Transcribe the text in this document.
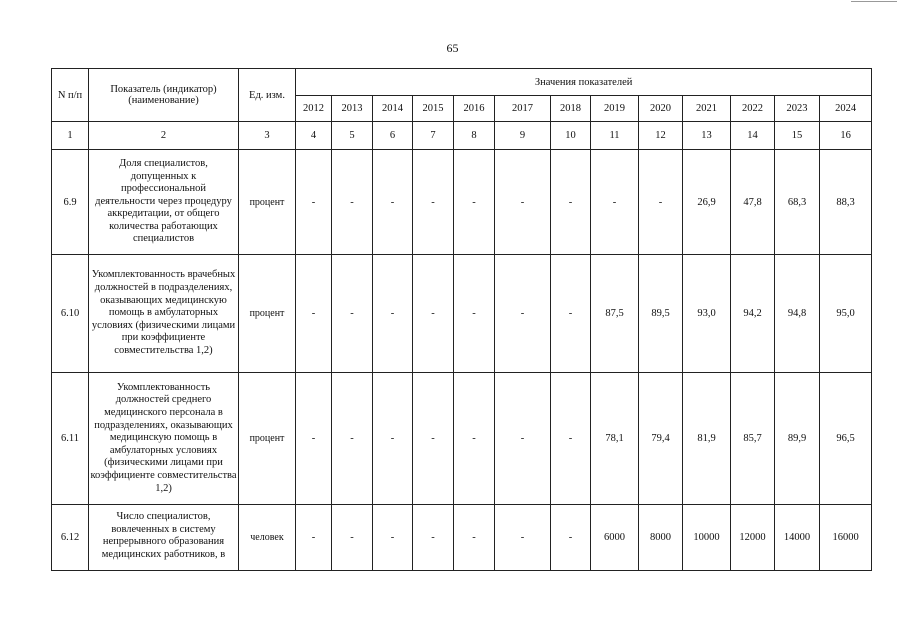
65
N п/п	Показатель (индикатор) (наименование)	Ед. изм.	Значения показателей												
			2012	2013	2014	2015	2016	2017	2018	2019	2020	2021	2022	2023	2024
1	2	3	4	5	6	7	8	9	10	11	12	13	14	15	16
6.9	Доля специалистов, допущенных к профессиональной деятельности через процедуру аккредитации, от общего количества работающих специалистов	процент	-	-	-	-	-	-	-	-	-	26,9	47,8	68,3	88,3
6.10	Укомплектованность врачебных должностей в подразделениях, оказывающих медицинскую помощь в амбулаторных условиях (физическими лицами при коэффициенте совместительства 1,2)	процент	-	-	-	-	-	-	-	87,5	89,5	93,0	94,2	94,8	95,0
6.11	Укомплектованность должностей среднего медицинского персонала в подразделениях, оказывающих медицинскую помощь в амбулаторных условиях (физическими лицами при коэффициенте совместительства 1,2)	процент	-	-	-	-	-	-	-	78,1	79,4	81,9	85,7	89,9	96,5
6.12	Число специалистов, вовлеченных в систему непрерывного образования медицинских работников, в	человек	-	-	-	-	-	-	-	6000	8000	10000	12000	14000	16000
